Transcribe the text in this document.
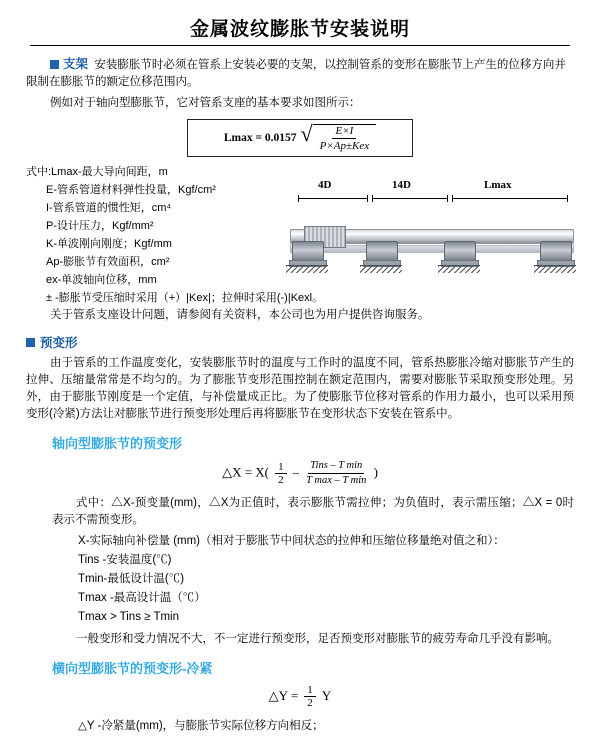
金属波纹膨胀节安装说明

支架 安装膨胀节时必须在管系上安装必要的支架，以控制管系的变形在膨胀节上产生的位移方向并限制在膨胀节的额定位移范围内。

例如对于轴向型膨胀节，它对管系支座的基本要求如图所示：

Lmax = 0.0157 √ $\frac{E\times I}{\text{P×Ap±Kex}}$
式中:Lmax-最大导向间距，m
E-管系管道材料弹性投量，Kgf/cm²
I-管系管道的惯性矩，cm⁴
P-设计压力，Kgf/mm²
K-单波刚向刚度；Kgf/mm
Ap-膨胀节有效面积，cm²
ex-单波轴向位移，mm
± -膨胀节受压缩时采用（+）|Kex|；拉伸时采用(-)|Kexl。
4D	14D	Lmax

关于管系支座设计问题，请参阅有关资料，本公司也为用户提供咨询服务。

预变形

由于管系的工作温度变化，安装膨胀节时的温度与工作时的温度不同，管系热膨胀冷缩对膨胀节产生的拉伸、压缩量常常是不均匀的。为了膨胀节变形范围控制在额定范围内，需要对膨胀节采取预变形处理。另外，由于膨胀节刚度是一个定值，与补偿量成正比。为了使膨胀节位移对管系的作用力最小，也可以采用预变形(冷紧)方法让对膨胀节进行预变形处理后再将膨胀节在变形状态下安装在管系中。

轴向型膨胀节的预变形
△X = $X( \frac{1}{2}$ – Tins – T min
T max – T min
)

式中：△X-预变量(mm)，△X为正值时，表示膨胀节需拉伸；为负值时，表示需压缩；△X = 0时表示不需预变形。

X-实际轴向补偿量 (mm)（相对于膨胀节中间状态的拉伸和压缩位移量绝对值之和）：
Tins -安装温度(℃)
Tmin-最低设计温(℃)
Tmax -最高设计温（℃）
Tmax > Tins ≥ Tmin

一般变形和受力情况不大，不一定进行预变形，足否预变形对膨胀节的疲劳寿命几乎没有影响。

横向型膨胀节的预变形-冷紧
△Y = $\frac{1}{2}$ Y
△Y -冷紧量(mm)，与膨胀节实际位移方向相反；
